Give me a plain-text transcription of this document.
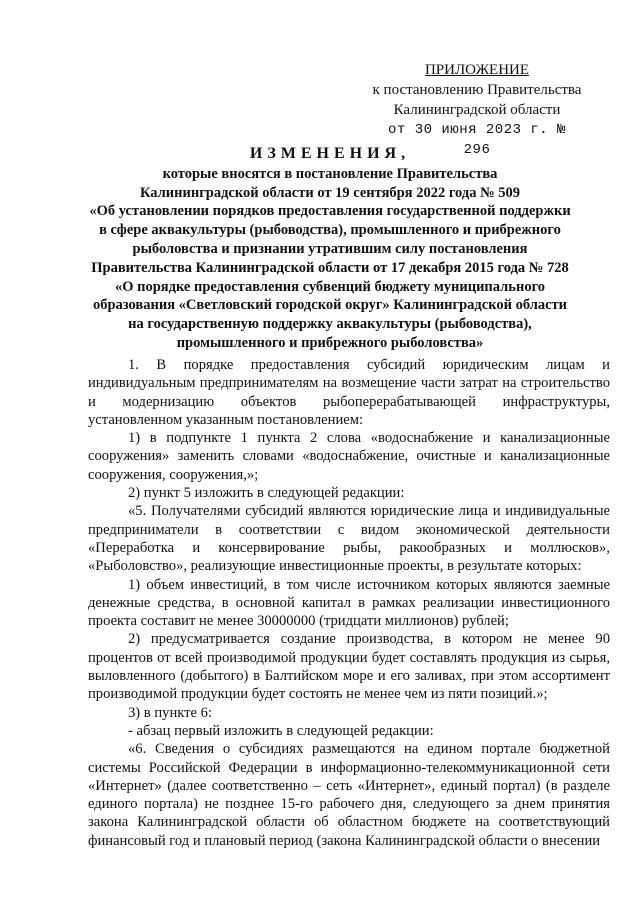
ПРИЛОЖЕНИЕ
к постановлению Правительства
Калининградской области
от 30 июня 2023 г. № 296
ИЗМЕНЕНИЯ,
которые вносятся в постановление Правительства
Калининградской области от 19 сентября 2022 года № 509
«Об установлении порядков предоставления государственной поддержки
в сфере аквакультуры (рыбоводства), промышленного и прибрежного
рыболовства и признании утратившим силу постановления
Правительства Калининградской области от 17 декабря 2015 года № 728
«О порядке предоставления субвенций бюджету муниципального
образования «Светловский городской округ» Калининградской области
на государственную поддержку аквакультуры (рыбоводства),
промышленного и прибрежного рыболовства»

1. В порядке предоставления субсидий юридическим лицам и индивидуальным предпринимателям на возмещение части затрат на строительство и модернизацию объектов рыбоперерабатывающей инфраструктуры, установленном указанным постановлением:

1) в подпункте 1 пункта 2 слова «водоснабжение и канализационные сооружения» заменить словами «водоснабжение, очистные и канализационные сооружения, сооружения,»;

2) пункт 5 изложить в следующей редакции:

«5. Получателями субсидий являются юридические лица и индивидуальные предприниматели в соответствии с видом экономической деятельности «Переработка и консервирование рыбы, ракообразных и моллюсков», «Рыболовство», реализующие инвестиционные проекты, в результате которых:

1) объем инвестиций, в том числе источником которых являются заемные денежные средства, в основной капитал в рамках реализации инвестиционного проекта составит не менее 30000000 (тридцати миллионов) рублей;

2) предусматривается создание производства, в котором не менее 90 процентов от всей производимой продукции будет составлять продукция из сырья, выловленного (добытого) в Балтийском море и его заливах, при этом ассортимент производимой продукции будет состоять не менее чем из пяти позиций.»;

3) в пункте 6:

- абзац первый изложить в следующей редакции:

«6. Сведения о субсидиях размещаются на едином портале бюджетной системы Российской Федерации в информационно-телекоммуникационной сети «Интернет» (далее соответственно – сеть «Интернет», единый портал) (в разделе единого портала) не позднее 15-го рабочего дня, следующего за днем принятия закона Калининградской области об областном бюджете на соответствующий финансовый год и плановый период (закона Калининградской области о внесении
